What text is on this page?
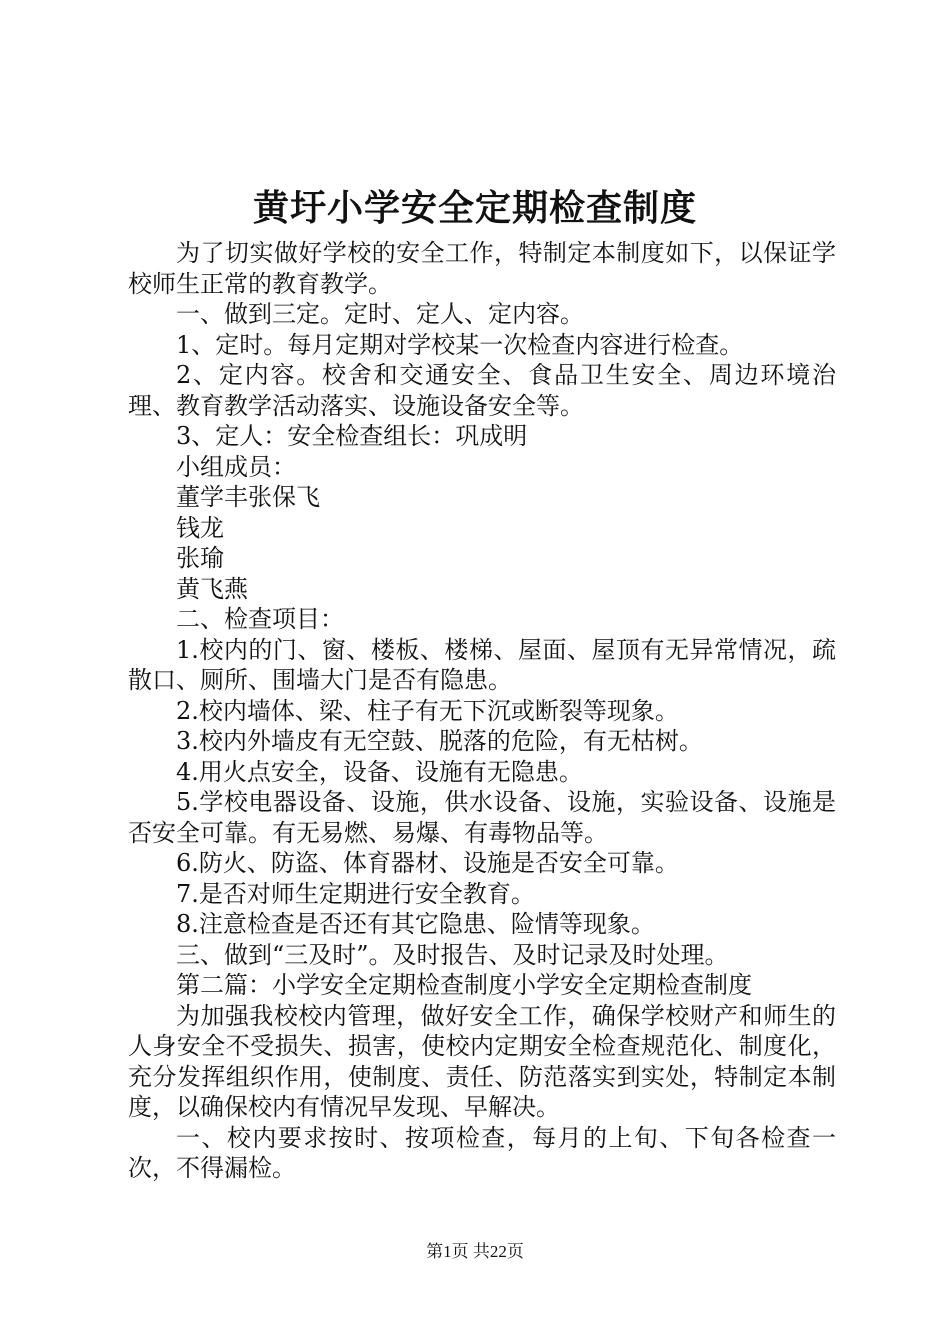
黄圩小学安全定期检查制度

为了切实做好学校的安全工作，特制定本制度如下，以保证学校师生正常的教育教学。

一、做到三定。定时、定人、定内容。

1、定时。每月定期对学校某一次检查内容进行检查。

2、定内容。校舍和交通安全、食品卫生安全、周边环境治理、教育教学活动落实、设施设备安全等。

3、定人：安全检查组长：巩成明

小组成员：

董学丰张保飞

钱龙

张瑜

黄飞燕

二、检查项目：

1.校内的门、窗、楼板、楼梯、屋面、屋顶有无异常情况，疏散口、厕所、围墙大门是否有隐患。

2.校内墙体、梁、柱子有无下沉或断裂等现象。

3.校内外墙皮有无空鼓、脱落的危险，有无枯树。

4.用火点安全，设备、设施有无隐患。

5.学校电器设备、设施，供水设备、设施，实验设备、设施是否安全可靠。有无易燃、易爆、有毒物品等。

6.防火、防盗、体育器材、设施是否安全可靠。

7.是否对师生定期进行安全教育。

8.注意检查是否还有其它隐患、险情等现象。

三、做到“三及时”。及时报告、及时记录及时处理。

第二篇：小学安全定期检查制度小学安全定期检查制度

为加强我校校内管理，做好安全工作，确保学校财产和师生的人身安全不受损失、损害，使校内定期安全检查规范化、制度化，充分发挥组织作用，使制度、责任、防范落实到实处，特制定本制度，以确保校内有情况早发现、早解决。

一、校内要求按时、按项检查，每月的上旬、下旬各检查一次，不得漏检。

第1页 共22页
